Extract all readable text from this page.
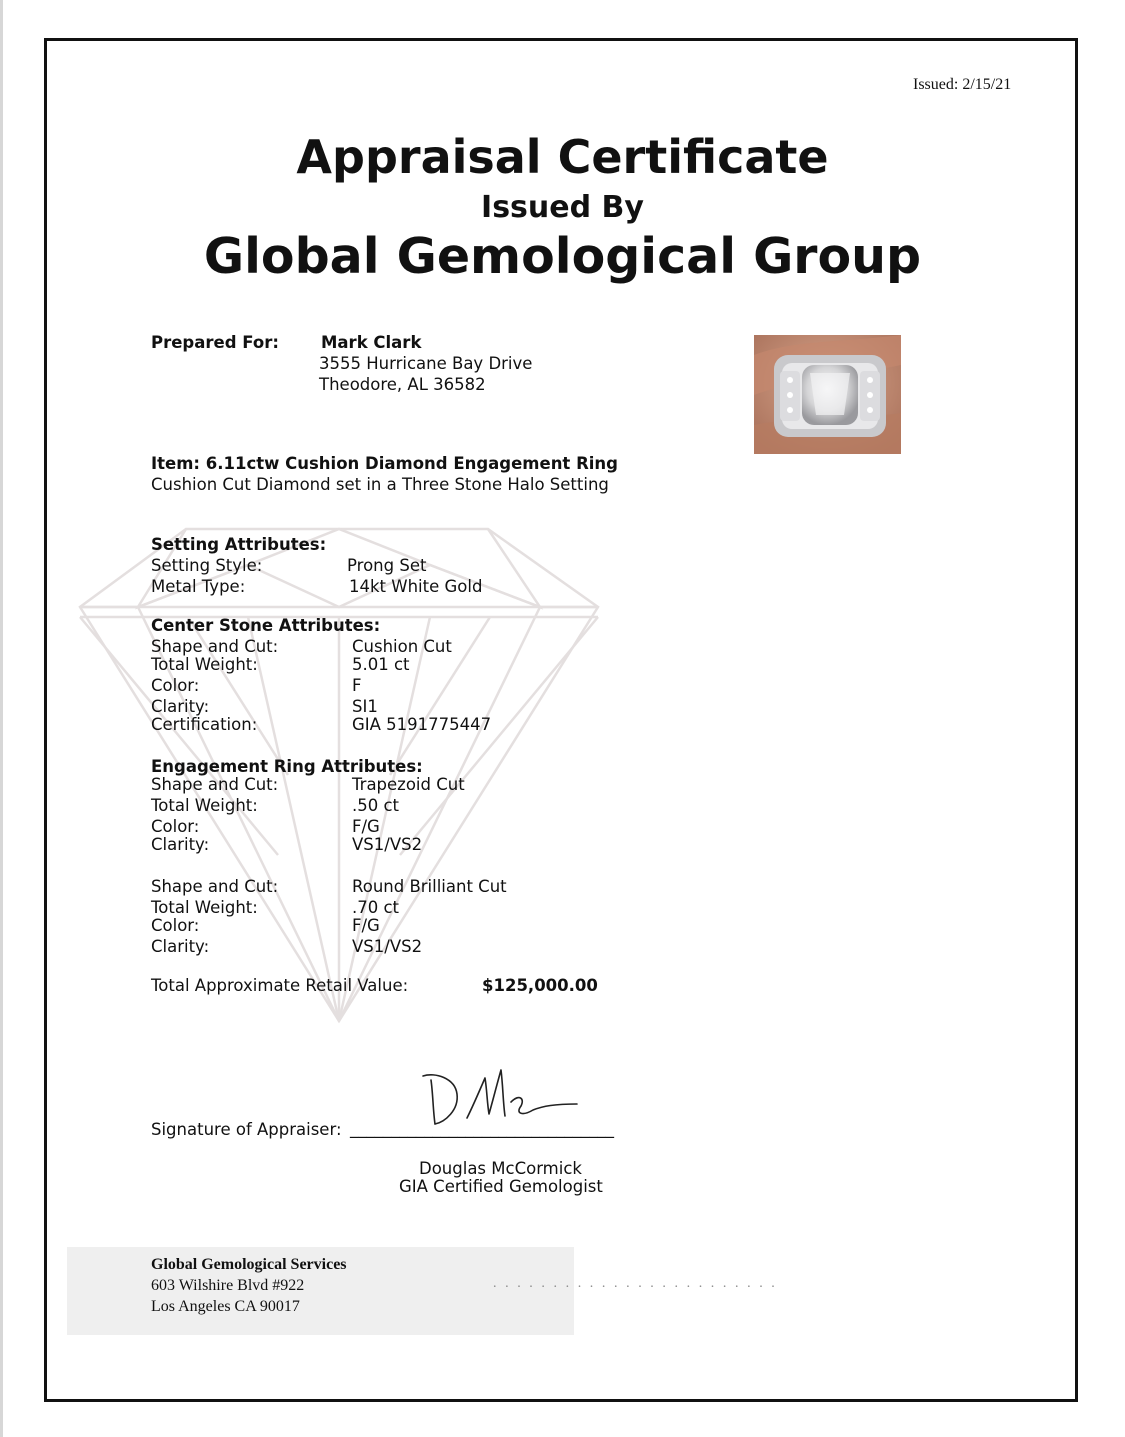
Issued: 2/15/21
Appraisal Certificate
Issued By
Global Gemological Group
Prepared For:	Mark Clark
3555 Hurricane Bay Drive
Theodore, AL 36582
Item: 6.11ctw Cushion Diamond Engagement Ring
Cushion Cut Diamond set in a Three Stone Halo Setting
Setting Attributes:
Setting Style:	Prong Set
Metal Type:	14kt White Gold
Center Stone Attributes:
Shape and Cut:	Cushion Cut
Total Weight:	5.01 ct
Color:	F
Clarity:	SI1
Certification:	GIA 5191775447
Engagement Ring Attributes:
Shape and Cut:	Trapezoid Cut
Total Weight:	.50 ct
Color:	F/G
Clarity:	VS1/VS2
Shape and Cut:	Round Brilliant Cut
Total Weight:	.70 ct
Color:	F/G
Clarity:	VS1/VS2
Total Approximate Retail Value:	$125,000.00
Signature of Appraiser: ________________________________
Douglas McCormick
GIA Certified Gemologist
Global Gemological Services
603 Wilshire Blvd #922
Los Angeles CA 90017
........................
